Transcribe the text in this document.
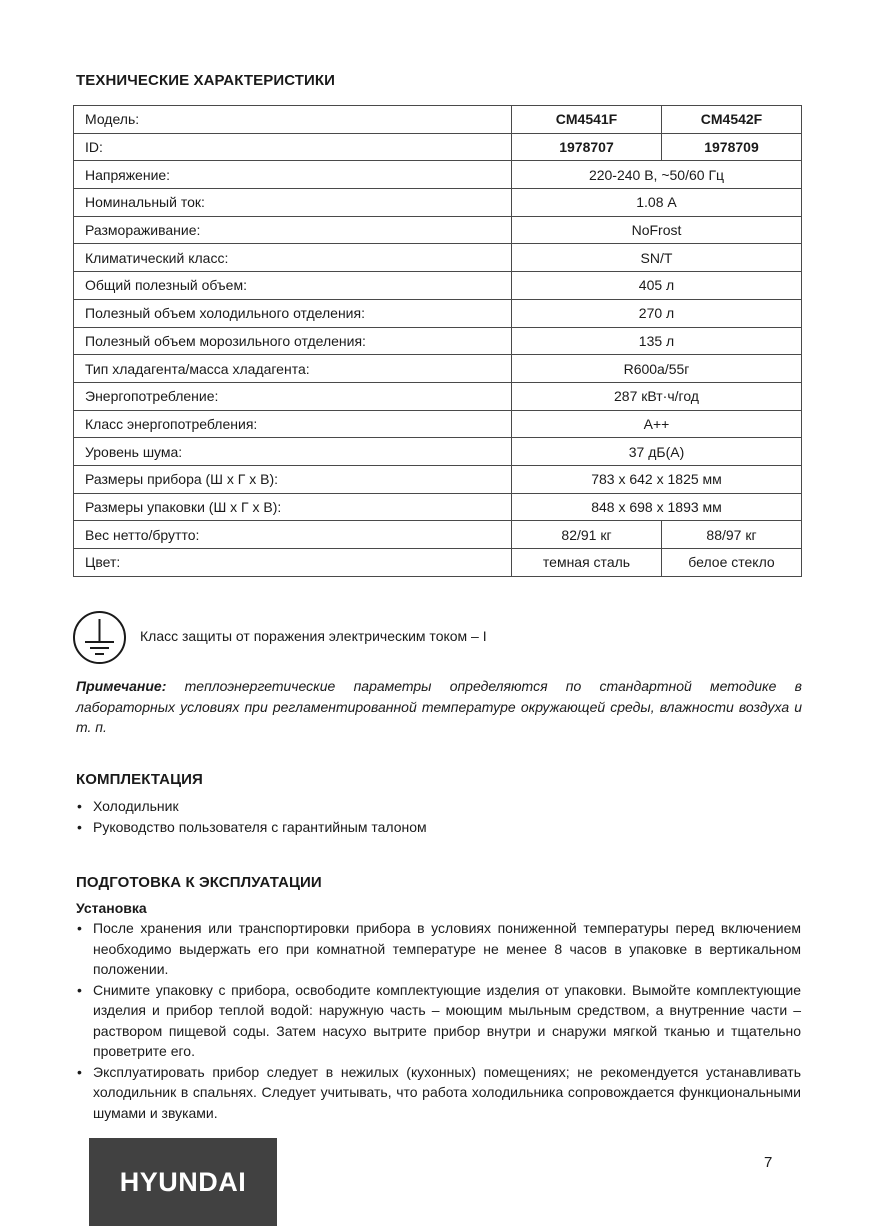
ТЕХНИЧЕСКИЕ ХАРАКТЕРИСТИКИ
Модель:	CM4541F	CM4542F
ID:	1978707	1978709
Напряжение:	220-240 В, ~50/60 Гц	
Номинальный ток:	1.08 А	
Размораживание:	NoFrost	
Климатический класс:	SN/T	
Общий полезный объем:	405 л	
Полезный объем холодильного отделения:	270 л	
Полезный объем морозильного отделения:	135 л	
Тип хладагента/масса хладагента:	R600a/55г	
Энергопотребление:	287 кВт·ч/год	
Класс энергопотребления:	A++	
Уровень шума:	37 дБ(А)	
Размеры прибора (Ш х Г х В):	783 х 642 х 1825 мм	
Размеры упаковки (Ш х Г х В):	848 х 698 х 1893 мм	
Вес нетто/брутто:	82/91 кг	88/97 кг
Цвет:	темная сталь	белое стекло
Класс защиты от поражения электрическим током – I
Примечание: теплоэнергетические параметры определяются по стандартной методике в лабораторных условиях при регламентированной температуре окружающей среды, влажности воздуха и т. п.
КОМПЛЕКТАЦИЯ
• Холодильник
• Руководство пользователя с гарантийным талоном
ПОДГОТОВКА К ЭКСПЛУАТАЦИИ
Установка
• После хранения или транспортировки прибора в условиях пониженной температуры перед включением необходимо выдержать его при комнатной температуре не менее 8 часов в упаковке в вертикальном положении.
• Снимите упаковку с прибора, освободите комплектующие изделия от упаковки. Вымойте комплектующие изделия и прибор теплой водой: наружную часть – моющим мыльным средством, а внутренние части – раствором пищевой соды. Затем насухо вытрите прибор внутри и снаружи мягкой тканью и тщательно проветрите его.
• Эксплуатировать прибор следует в нежилых (кухонных) помещениях; не рекомендуется устанавливать холодильник в спальнях. Следует учитывать, что работа холодильника сопровождается функциональными шумами и звуками.
HYUNDAI
7
